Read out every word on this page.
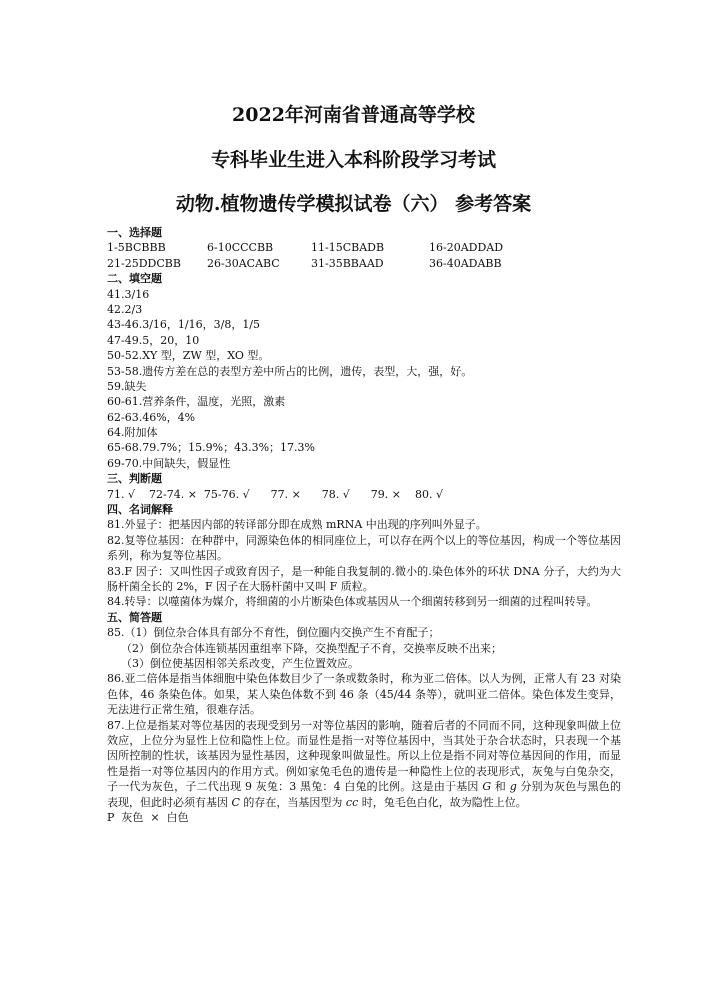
2022年河南省普通高等学校
专科毕业生进入本科阶段学习考试
动物.植物遗传学模拟试卷（六） 参考答案
一、选择题
1-5BCBBB	6-10CCCBB	11-15CBADB	16-20ADDAD
21-25DDCBB	26-30ACABC	31-35BBAAD	36-40ADABB
二、填空题
41.3/16
42.2/3
43-46.3/16，1/16，3/8，1/5
47-49.5，20，10
50-52.XY 型，ZW 型，XO 型。
53-58.遗传方差在总的表型方差中所占的比例，遗传，表型，大，强，好。
59.缺失
60-61.营养条件，温度，光照，激素
62-63.46%，4%
64.附加体
65-68.79.7%；15.9%；43.3%；17.3%
69-70.中间缺失，假显性
三、判断题
71. √    72-74. ×  75-76. √      77. ×      78. √      79. ×    80. √
四、名词解释
81.外显子：把基因内部的转译部分即在成熟 mRNA 中出现的序列叫外显子。
82.复等位基因：在种群中，同源染色体的相同座位上，可以存在两个以上的等位基因，构成一个等位基因系列，称为复等位基因。
83.F 因子：又叫性因子或致育因子，是一种能自我复制的.微小的.染色体外的环状 DNA 分子，大约为大肠杆菌全长的 2%，F 因子在大肠杆菌中又叫 F 质粒。
84.转导：以噬菌体为媒介，将细菌的小片断染色体或基因从一个细菌转移到另一细菌的过程叫转导。
五、简答题
85.（1）倒位杂合体具有部分不育性，倒位圈内交换产生不育配子；
（2）倒位杂合体连锁基因重组率下降，交换型配子不育，交换率反映不出来；
（3）倒位使基因相邻关系改变，产生位置效应。
86.亚二倍体是指当体细胞中染色体数目少了一条或数条时，称为亚二倍体。以人为例，正常人有 23 对染色体，46 条染色体。如果，某人染色体数不到 46 条（45/44 条等），就叫亚二倍体。染色体发生变异，无法进行正常生殖，很难存活。
87.上位是指某对等位基因的表现受到另一对等位基因的影响，随着后者的不同而不同，这种现象叫做上位效应，上位分为显性上位和隐性上位。而显性是指一对等位基因中，当其处于杂合状态时，只表现一个基因所控制的性状，该基因为显性基因，这种现象叫做显性。所以上位是指不同对等位基因间的作用，而显性是指一对等位基因内的作用方式。例如家兔毛色的遗传是一种隐性上位的表现形式，灰兔与白兔杂交，子一代为灰色，子二代出现 9 灰兔：3 黑兔：4 白兔的比例。这是由于基因 G 和 g 分别为灰色与黑色的表现，但此时必须有基因 C 的存在，当基因型为 cc 时，兔毛色白化，故为隐性上位。
P  灰色  ×  白色
